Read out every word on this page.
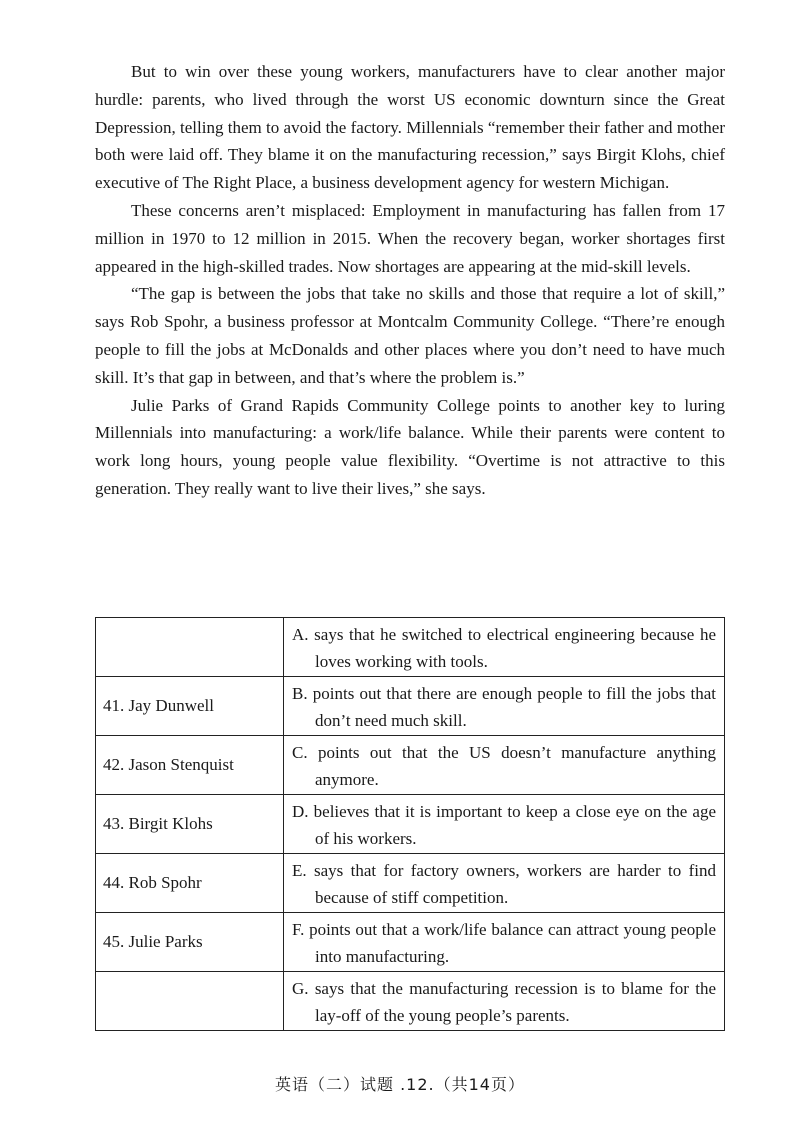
But to win over these young workers, manufacturers have to clear another major hurdle: parents, who lived through the worst US economic downturn since the Great Depression, telling them to avoid the factory. Millennials “remember their father and mother both were laid off. They blame it on the manufacturing recession,” says Birgit Klohs, chief executive of The Right Place, a business development agency for western Michigan.

These concerns aren’t misplaced: Employment in manufacturing has fallen from 17 million in 1970 to 12 million in 2015. When the recovery began, worker shortages first appeared in the high-skilled trades. Now shortages are appearing at the mid-skill levels.

“The gap is between the jobs that take no skills and those that require a lot of skill,” says Rob Spohr, a business professor at Montcalm Community College. “There’re enough people to fill the jobs at McDonalds and other places where you don’t need to have much skill. It’s that gap in between, and that’s where the problem is.”

Julie Parks of Grand Rapids Community College points to another key to luring Millennials into manufacturing: a work/life balance. While their parents were content to work long hours, young people value flexibility. “Overtime is not attractive to this generation. They really want to live their lives,” she says.

	A. says that he switched to electrical engineering because he loves working with tools.

41. Jay Dunwell	B. points out that there are enough people to fill the jobs that don’t need much skill.

42. Jason Stenquist	C. points out that the US doesn’t manufacture anything anymore.

43. Birgit Klohs	D. believes that it is important to keep a close eye on the age of his workers.

44. Rob Spohr	E. says that for factory owners, workers are harder to find because of stiff competition.

45. Julie Parks	F. points out that a work/life balance can attract young people into manufacturing.

	G. says that the manufacturing recession is to blame for the lay-off of the young people’s parents.
英语（二）试题 .12.（共14页）
